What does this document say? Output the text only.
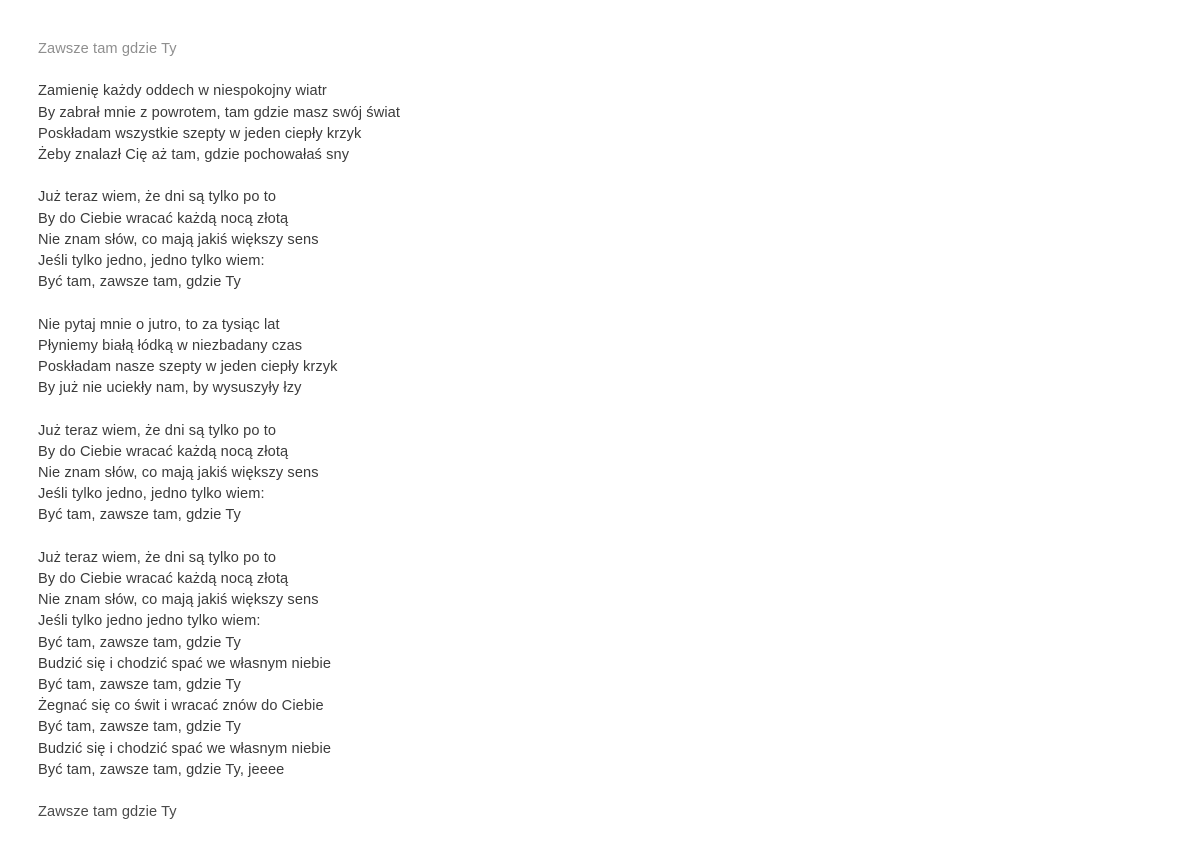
Zawsze tam gdzie Ty
Zamienię każdy oddech w niespokojny wiatr
By zabrał mnie z powrotem, tam gdzie masz swój świat
Poskładam wszystkie szepty w jeden ciepły krzyk
Żeby znalazł Cię aż tam, gdzie pochowałaś sny
Już teraz wiem, że dni są tylko po to
By do Ciebie wracać każdą nocą złotą
Nie znam słów, co mają jakiś większy sens
Jeśli tylko jedno, jedno tylko wiem:
Być tam, zawsze tam, gdzie Ty
Nie pytaj mnie o jutro, to za tysiąc lat
Płyniemy białą łódką w niezbadany czas
Poskładam nasze szepty w jeden ciepły krzyk
By już nie uciekły nam, by wysuszyły łzy
Już teraz wiem, że dni są tylko po to
By do Ciebie wracać każdą nocą złotą
Nie znam słów, co mają jakiś większy sens
Jeśli tylko jedno, jedno tylko wiem:
Być tam, zawsze tam, gdzie Ty
Już teraz wiem, że dni są tylko po to
By do Ciebie wracać każdą nocą złotą
Nie znam słów, co mają jakiś większy sens
Jeśli tylko jedno jedno tylko wiem:
Być tam, zawsze tam, gdzie Ty
Budzić się i chodzić spać we własnym niebie
Być tam, zawsze tam, gdzie Ty
Żegnać się co świt i wracać znów do Ciebie
Być tam, zawsze tam, gdzie Ty
Budzić się i chodzić spać we własnym niebie
Być tam, zawsze tam, gdzie Ty, jeeee
Zawsze tam gdzie Ty
